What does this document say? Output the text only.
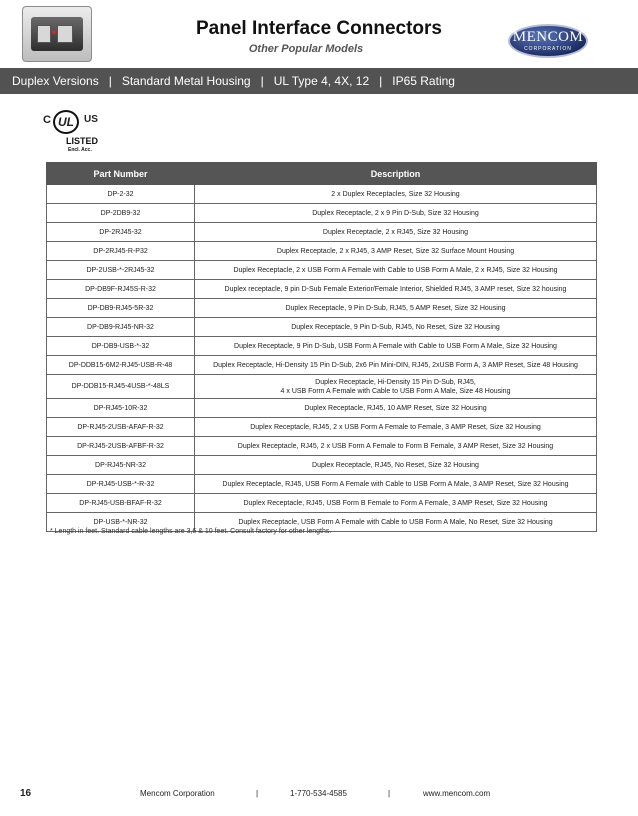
Panel Interface Connectors
Other Popular Models
MENCOM
CORPORATION
Duplex Versions | Standard Metal Housing | UL Type 4, 4X, 12 | IP65 Rating
C UL	US
LISTED
Encl. Acc.
Part Number	Description
DP-2-32	2 x Duplex Receptacles, Size 32 Housing
DP-2DB9-32	Duplex Receptacle, 2 x 9 Pin D-Sub, Size 32 Housing
DP-2RJ45-32	Duplex Receptacle, 2 x RJ45, Size 32 Housing
DP-2RJ45-R-P32	Duplex Receptacle, 2 x RJ45, 3 AMP Reset, Size 32 Surface Mount Housing
DP-2USB-*-2RJ45-32	Duplex Receptacle, 2 x USB Form A Female with Cable to USB Form A Male, 2 x RJ45, Size 32 Housing
DP-DB9F-RJ45S-R-32	Duplex receptacle, 9 pin D-Sub Female Exterior/Female Interior, Shielded RJ45, 3 AMP reset, Size 32 housing
DP-DB9-RJ45-5R-32	Duplex Receptacle, 9 Pin D-Sub, RJ45, 5 AMP Reset, Size 32 Housing
DP-DB9-RJ45-NR-32	Duplex Receptacle, 9 Pin D-Sub, RJ45, No Reset, Size 32 Housing
DP-DB9-USB-*-32	Duplex Receptacle, 9 Pin D-Sub, USB Form A Female with Cable to USB Form A Male, Size 32 Housing
DP-DDB15-6M2-RJ45-USB-R-48	Duplex Receptacle, Hi-Density 15 Pin D-Sub, 2x6 Pin Mini-DIN, RJ45, 2xUSB Form A, 3 AMP Reset, Size 48 Housing
DP-DDB15-RJ45-4USB-*-48LS	Duplex Receptacle, Hi-Density 15 Pin D-Sub, RJ45,
4 x USB Form A Female with Cable to USB Form A Male, Size 48 Housing

DP-RJ45-10R-32	Duplex Receptacle, RJ45, 10 AMP Reset, Size 32 Housing
DP-RJ45-2USB-AFAF-R-32	Duplex Receptacle, RJ45, 2 x USB Form A Female to Female, 3 AMP Reset, Size 32 Housing
DP-RJ45-2USB-AFBF-R-32	Duplex Receptacle, RJ45, 2 x USB Form A Female to Form B Female, 3 AMP Reset, Size 32 Housing
DP-RJ45-NR-32	Duplex Receptacle, RJ45, No Reset, Size 32 Housing
DP-RJ45-USB-*-R-32	Duplex Receptacle, RJ45, USB Form A Female with Cable to USB Form A Male, 3 AMP Reset, Size 32 Housing
DP-RJ45-USB-BFAF-R-32	Duplex Receptacle, RJ45, USB Form B Female to Form A Female, 3 AMP Reset, Size 32 Housing
DP-USB-*-NR-32	Duplex Receptacle, USB Form A Female with Cable to USB Form A Male, No Reset, Size 32 Housing
* Length in feet. Standard cable lengths are 3,6 & 10 feet. Consult factory for other lengths.
16	Mencom Corporation	|	1-770-534-4585	|	www.mencom.com
